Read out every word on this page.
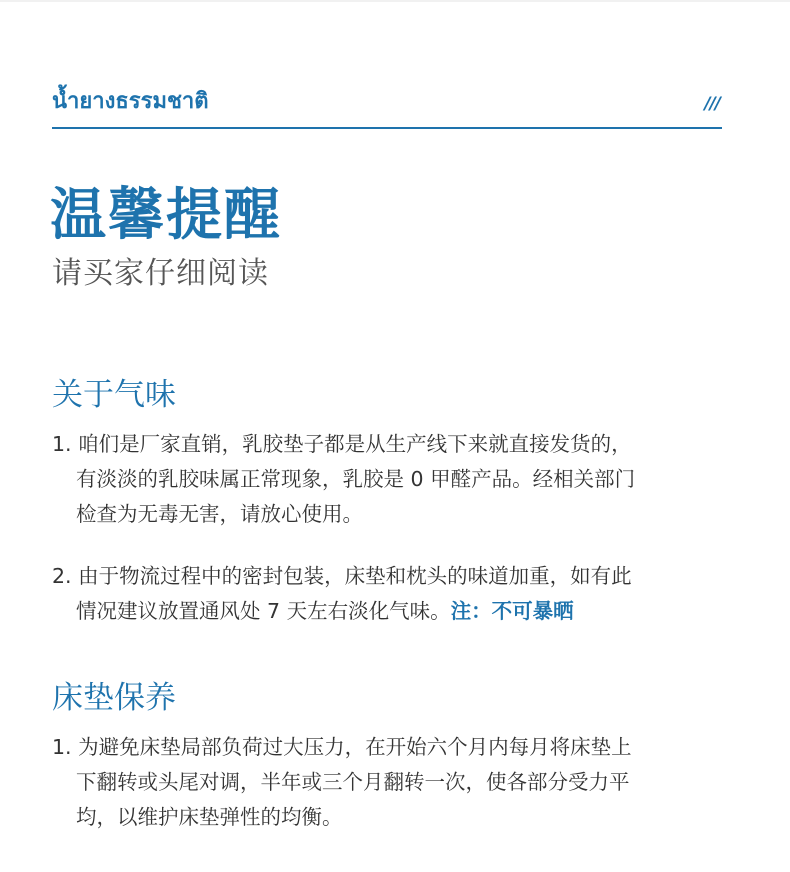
น้ำยางธรรมชาติ	///
温馨提醒
请买家仔细阅读
关于气味
1. 咱们是厂家直销，乳胶垫子都是从生产线下来就直接发货的，
有淡淡的乳胶味属正常现象，乳胶是 0 甲醛产品。经相关部门
检查为无毒无害，请放心使用。
2. 由于物流过程中的密封包装，床垫和枕头的味道加重，如有此
情况建议放置通风处 7 天左右淡化气味。注：不可暴晒
床垫保养
1. 为避免床垫局部负荷过大压力，在开始六个月内每月将床垫上
下翻转或头尾对调，半年或三个月翻转一次，使各部分受力平
均，以维护床垫弹性的均衡。
